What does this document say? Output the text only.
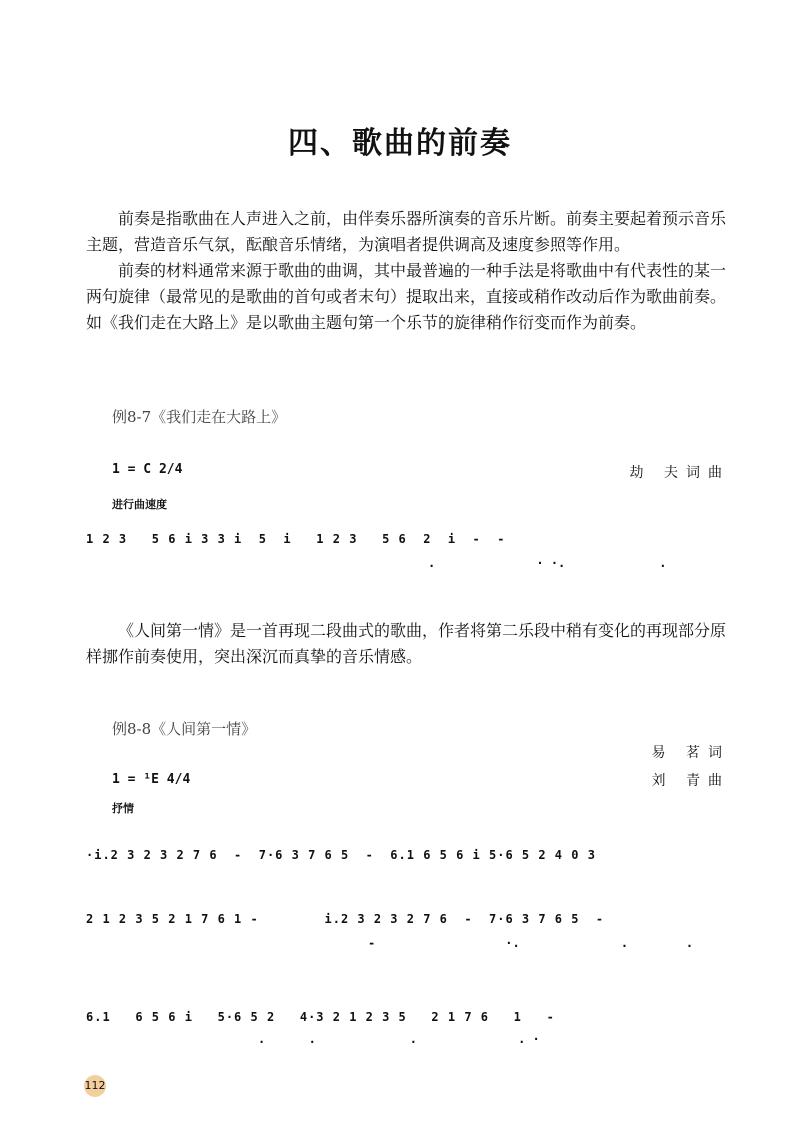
四、歌曲的前奏
前奏是指歌曲在人声进入之前，由伴奏乐器所演奏的音乐片断。前奏主要起着预示音乐主题，营造音乐气氛，酝酿音乐情绪，为演唱者提供调高及速度参照等作用。
前奏的材料通常来源于歌曲的曲调，其中最普遍的一种手法是将歌曲中有代表性的某一两句旋律（最常见的是歌曲的首句或者末句）提取出来，直接或稍作改动后作为歌曲前奏。如《我们走在大路上》是以歌曲主题句第一个乐节的旋律稍作衍变而作为前奏。
例8-7《我们走在大路上》
1 = C 2/4	劫 夫词曲
进行曲速度
1 2 3   5 6 i 3 3 i  5  i   1 2 3   5 6  2  i  -  -
.              · ·.             .
《人间第一情》是一首再现二段曲式的歌曲，作者将第二乐段中稍有变化的再现部分原样挪作前奏使用，突出深沉而真挚的音乐情感。
例8-8《人间第一情》
易 茗词
1 = ¹E 4/4	刘 青曲
抒情
·i.2 3 2 3 2 7 6  -  7·6 3 7 6 5  -  6.1 6 5 6 i 5·6 5 2 4 0 3
2 1 2 3 5 2 1 7 6 1 -        i.2 3 2 3 2 7 6  -  7·6 3 7 6 5  -
-                  ·.              .        .
6.1   6 5 6 i   5·6 5 2   4·3 2 1 2 3 5   2 1 7 6   1   -
.      .             .              . ·
112
